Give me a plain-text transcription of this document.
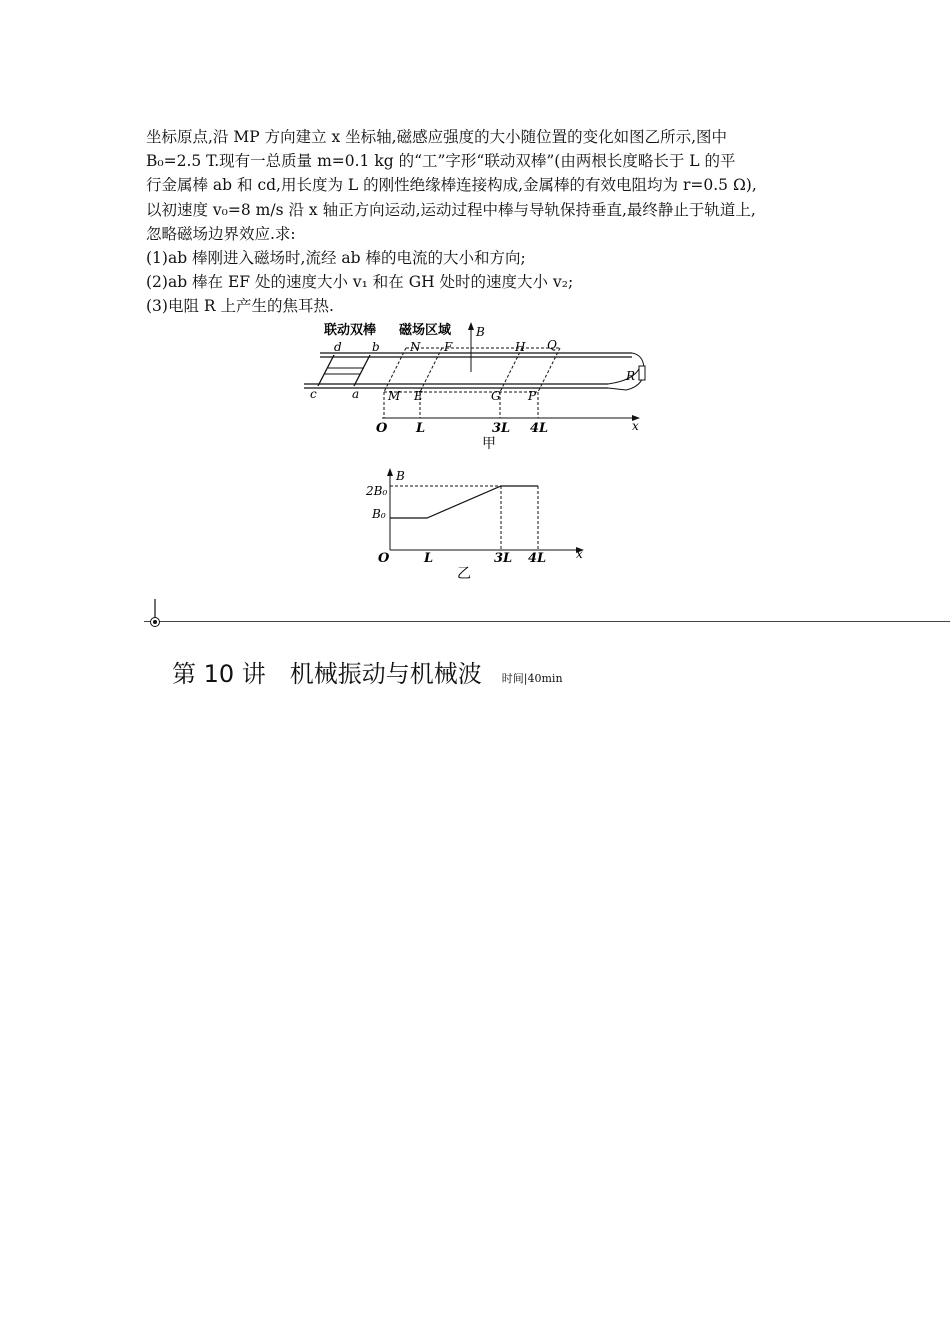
坐标原点,沿 MP 方向建立 x 坐标轴,磁感应强度的大小随位置的变化如图乙所示,图中
B₀=2.5 T.现有一总质量 m=0.1 kg 的“工”字形“联动双棒”(由两根长度略长于 L 的平
行金属棒 ab 和 cd,用长度为 L 的刚性绝缘棒连接构成,金属棒的有效电阻均为 r=0.5 Ω),
以初速度 v₀=8 m/s 沿 x 轴正方向运动,运动过程中棒与导轨保持垂直,最终静止于轨道上,
忽略磁场边界效应.求:
(1)ab 棒刚进入磁场时,流经 ab 棒的电流的大小和方向;
(2)ab 棒在 EF 处的速度大小 v₁ 和在 GH 处时的速度大小 v₂;
(3)电阻 R 上产生的焦耳热.
联动双棒 磁场区域 B
R
d	b	N F	H Q
c	a M E	G P
x
O L	3L 4L
甲
B
x
2B₀
B₀
O	L	3L 4L
乙
第 10 讲　机械振动与机械波 时间|40min
